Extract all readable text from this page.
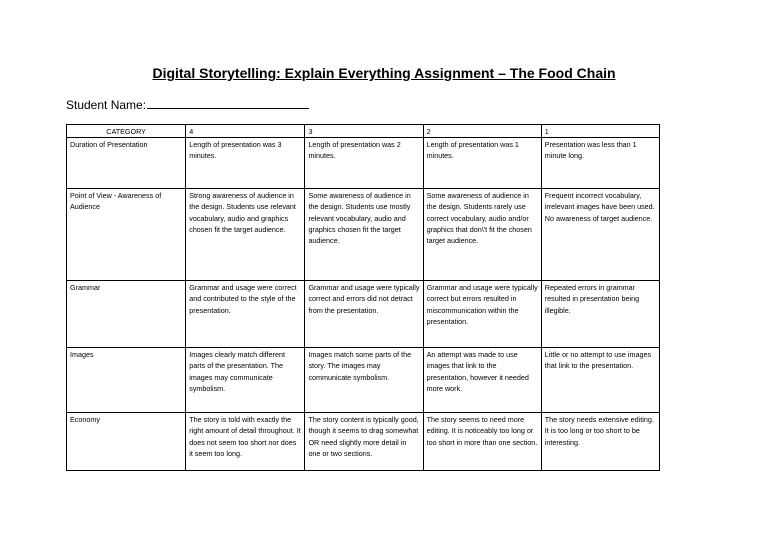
Digital Storytelling: Explain Everything Assignment – The Food Chain
Student Name:
CATEGORY	4	3	2	1
Duration of Presentation	Length of presentation was 3 minutes.	Length of presentation was 2 minutes.	Length of presentation was 1 minutes.	Presentation was less than 1 minute long.
Point of View - Awareness of Audience	Strong awareness of audience in the design. Students use relevant vocabulary, audio and graphics chosen fit the target audience.	Some awareness of audience in the design. Students use mostly relevant vocabulary, audio and graphics chosen fit the target audience.	Some awareness of audience in the design. Students rarely use correct vocabulary, audio and/or graphics that don\'t fit the chosen target audience.	Frequent incorrect vocabulary, irrelevant images have been used. No awareness of target audience.
Grammar	Grammar and usage were correct and contributed to the style of the presentation.	Grammar and usage were typically correct and errors did not detract from the presentation.	Grammar and usage were typically correct but errors resulted in miscommunication within the presentation.	Repeated errors in grammar resulted in presentation being illegible.
Images	Images clearly match different parts of the presentation. The images may communicate symbolism.	Images match some parts of the story. The images may communicate symbolism.	An attempt was made to use images that link to the presentation, however it needed more work.	Little or no attempt to use images that link to the presentation.
Economy	The story is told with exactly the right amount of detail throughout. It does not seem too short nor does it seem too long.	The story content is typically good, though it seems to drag somewhat OR need slightly more detail in one or two sections.	The story seems to need more editing. It is noticeably too long or too short in more than one section.	The story needs extensive editing. It is too long or too short to be interesting.
